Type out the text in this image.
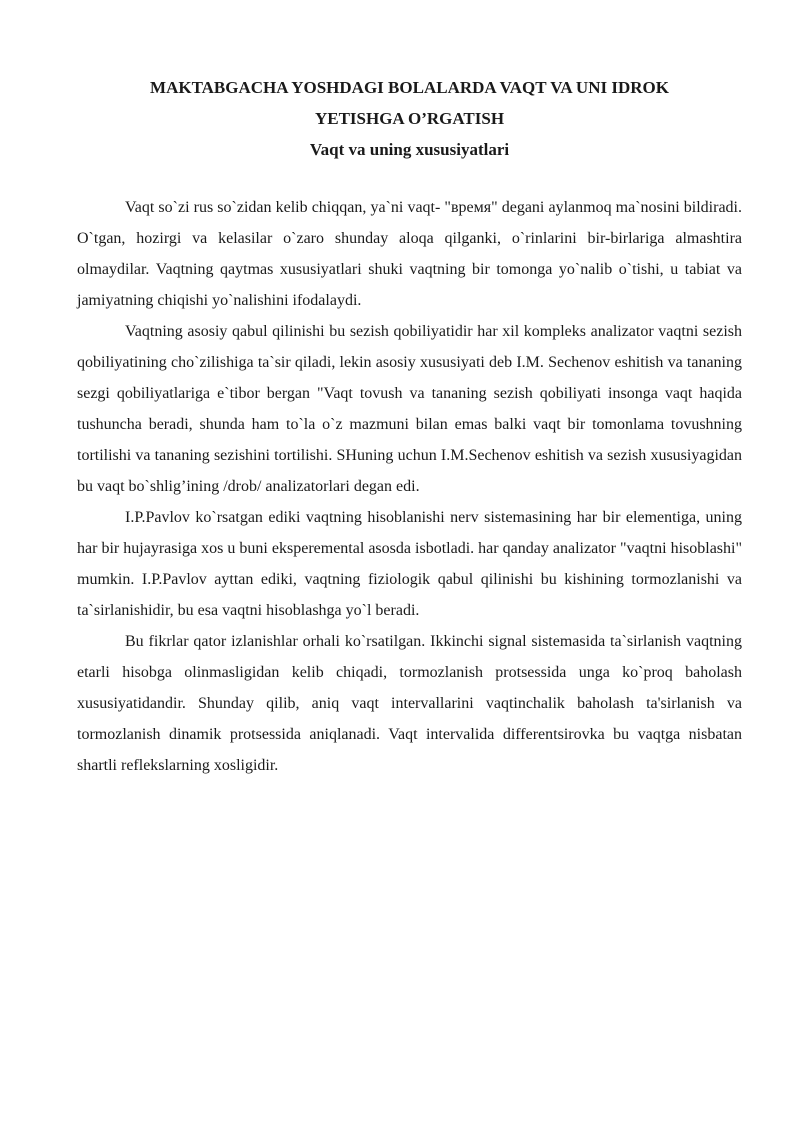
MAKTABGACHA YOSHDAGI BOLALARDA VAQT VA UNI IDROK
YETISHGA O’RGATISH
Vaqt va uning xususiyatlari

Vaqt so`zi rus so`zidan kelib chiqqan, ya`ni vaqt- "время" degani aylanmoq ma`nosini bildiradi. O`tgan, hozirgi va kelasilar o`zaro shunday aloqa qilganki, o`rinlarini bir-birlariga almashtira olmaydilar. Vaqtning qaytmas xususiyatlari shuki vaqtning bir tomonga yo`nalib o`tishi, u tabiat va jamiyatning chiqishi yo`nalishini ifodalaydi.

Vaqtning asosiy qabul qilinishi bu sezish qobiliyatidir har xil kompleks analizator vaqtni sezish qobiliyatining cho`zilishiga ta`sir qiladi, lekin asosiy xususiyati deb I.M. Sechenov eshitish va tananing sezgi qobiliyatlariga e`tibor bergan "Vaqt tovush va tananing sezish qobiliyati insonga vaqt haqida tushuncha beradi, shunda ham to`la o`z mazmuni bilan emas balki vaqt bir tomonlama tovushning tortilishi va tananing sezishini tortilishi. SHuning uchun I.M.Sechenov eshitish va sezish xususiyagidan bu vaqt bo`shlig’ining /drob/ analizatorlari degan edi.

I.P.Pavlov ko`rsatgan ediki vaqtning hisoblanishi nerv sistemasining har bir elementiga, uning har bir hujayrasiga xos u buni eksperemental asosda isbotladi. har qanday analizator "vaqtni hisoblashi" mumkin. I.P.Pavlov ayttan ediki, vaqtning fiziologik qabul qilinishi bu kishining tormozlanishi va ta`sirlanishidir, bu esa vaqtni hisoblashga yo`l beradi.

Bu fikrlar qator izlanishlar orhali ko`rsatilgan. Ikkinchi signal sistemasida ta`sirlanish vaqtning etarli hisobga olinmasligidan kelib chiqadi, tormozlanish protsessida unga ko`proq baholash xususiyatidandir. Shunday qilib, aniq vaqt intervallarini vaqtinchalik baholash ta'sirlanish va tormozlanish dinamik protsessida aniqlanadi. Vaqt intervalida differentsirovka bu vaqtga nisbatan shartli reflekslarning xosligidir.
